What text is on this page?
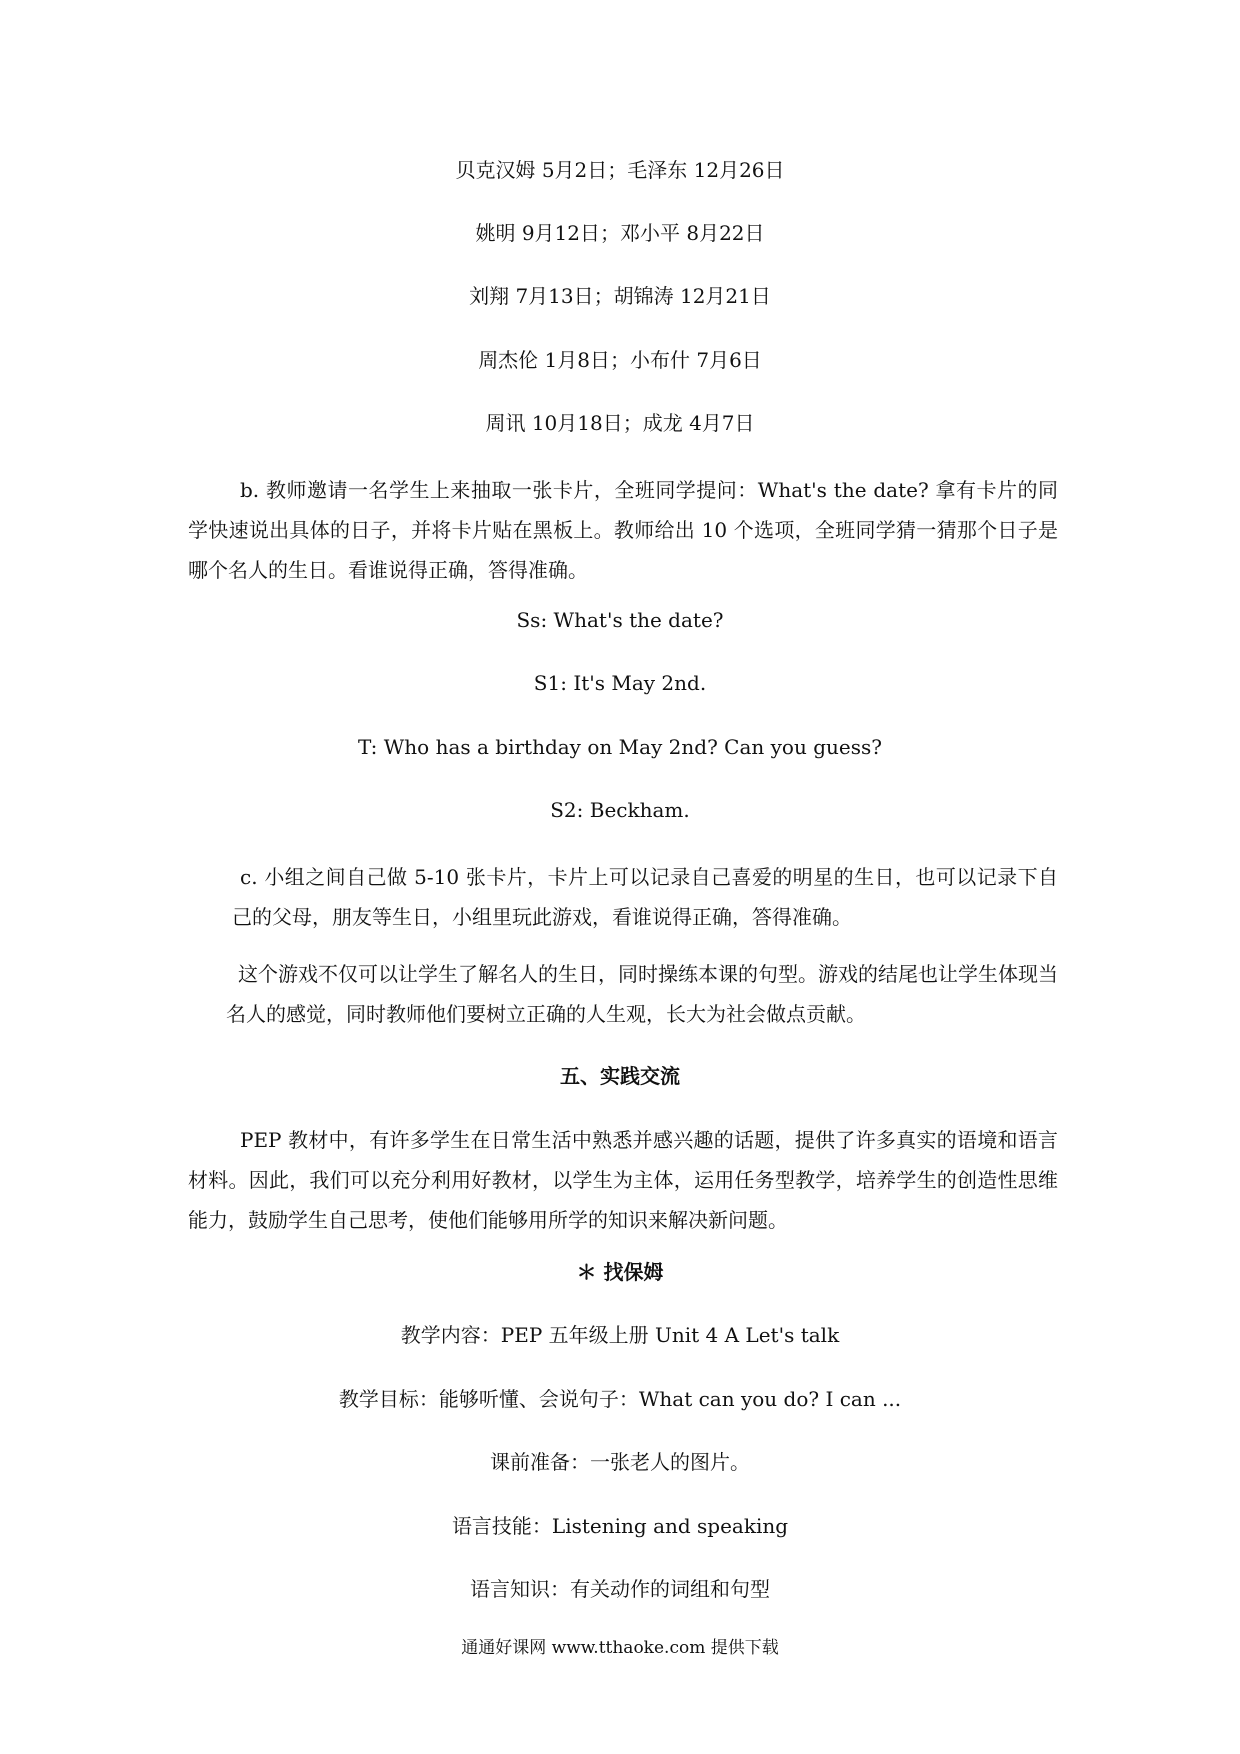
贝克汉姆 5月2日；毛泽东 12月26日
姚明 9月12日；邓小平 8月22日
刘翔 7月13日；胡锦涛 12月21日
周杰伦 1月8日；小布什 7月6日
周讯 10月18日；成龙 4月7日
b. 教师邀请一名学生上来抽取一张卡片，全班同学提问：What's the date? 拿有卡片的同学快速说出具体的日子，并将卡片贴在黑板上。教师给出 10 个选项，全班同学猜一猜那个日子是哪个名人的生日。看谁说得正确，答得准确。
Ss: What's the date?
S1: It's May 2nd.
T: Who has a birthday on May 2nd? Can you guess?
S2: Beckham.
c. 小组之间自己做 5-10 张卡片，卡片上可以记录自己喜爱的明星的生日，也可以记录下自己的父母，朋友等生日，小组里玩此游戏，看谁说得正确，答得准确。
这个游戏不仅可以让学生了解名人的生日，同时操练本课的句型。游戏的结尾也让学生体现当名人的感觉，同时教师他们要树立正确的人生观，长大为社会做点贡献。
五、实践交流
PEP 教材中，有许多学生在日常生活中熟悉并感兴趣的话题，提供了许多真实的语境和语言材料。因此，我们可以充分利用好教材，以学生为主体，运用任务型教学，培养学生的创造性思维能力，鼓励学生自己思考，使他们能够用所学的知识来解决新问题。
＊ 找保姆
教学内容：PEP 五年级上册 Unit 4 A Let's talk
教学目标：能够听懂、会说句子：What can you do? I can ...
课前准备：一张老人的图片。
语言技能：Listening and speaking
语言知识：有关动作的词组和句型
通通好课网 www.tthaoke.com 提供下载
